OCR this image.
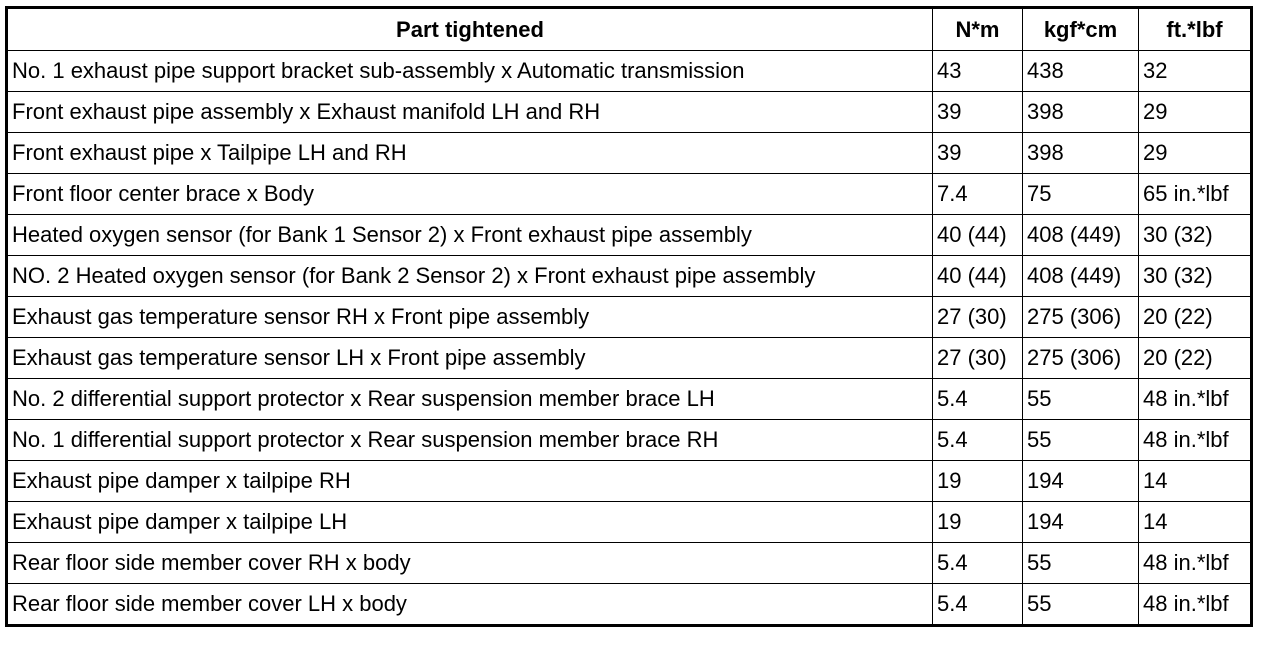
Part tightened	N*m	kgf*cm	ft.*lbf
No. 1 exhaust pipe support bracket sub-assembly x Automatic transmission	43	438	32
Front exhaust pipe assembly x Exhaust manifold LH and RH	39	398	29
Front exhaust pipe x Tailpipe LH and RH	39	398	29
Front floor center brace x Body	7.4	75	65 in.*lbf
Heated oxygen sensor (for Bank 1 Sensor 2) x Front exhaust pipe assembly	40 (44)	408 (449)	30 (32)
NO. 2 Heated oxygen sensor (for Bank 2 Sensor 2) x Front exhaust pipe assembly	40 (44)	408 (449)	30 (32)
Exhaust gas temperature sensor RH x Front pipe assembly	27 (30)	275 (306)	20 (22)
Exhaust gas temperature sensor LH x Front pipe assembly	27 (30)	275 (306)	20 (22)
No. 2 differential support protector x Rear suspension member brace LH	5.4	55	48 in.*lbf
No. 1 differential support protector x Rear suspension member brace RH	5.4	55	48 in.*lbf
Exhaust pipe damper x tailpipe RH	19	194	14
Exhaust pipe damper x tailpipe LH	19	194	14
Rear floor side member cover RH x body	5.4	55	48 in.*lbf
Rear floor side member cover LH x body	5.4	55	48 in.*lbf
